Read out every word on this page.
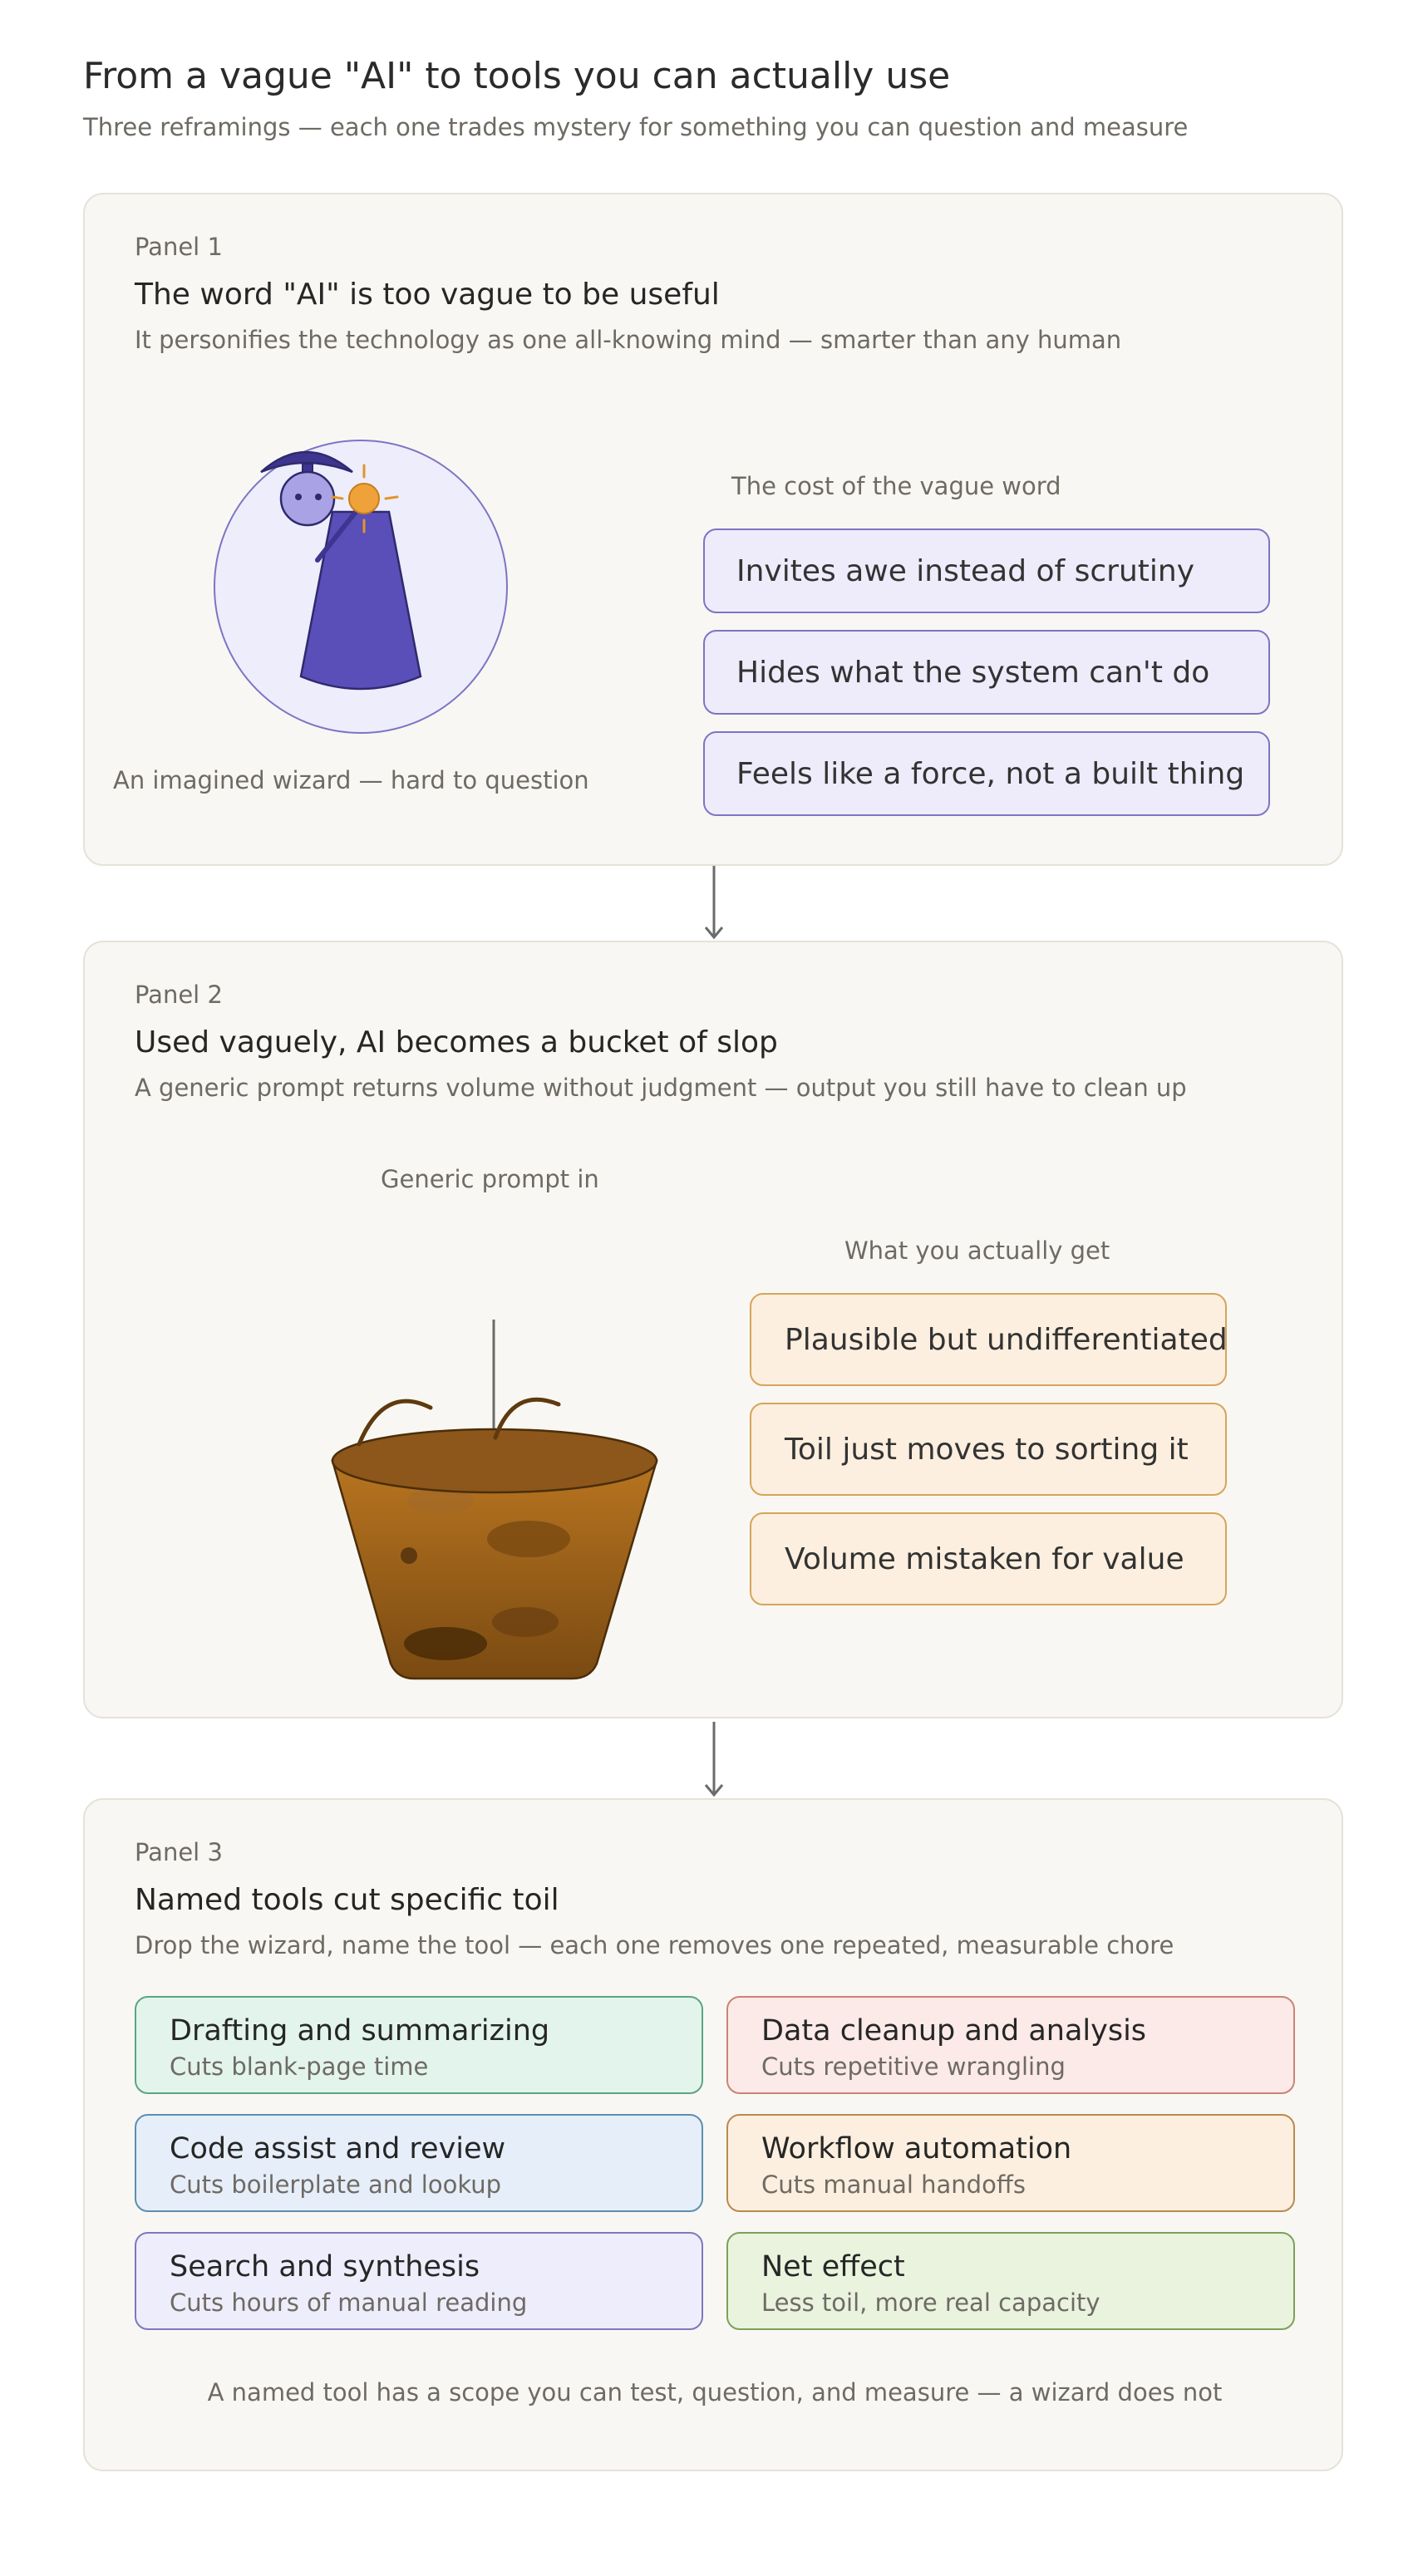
From a vague "AI" to tools you can actually use
Three reframings — each one trades mystery for something you can question and measure
Panel 1
The word "AI" is too vague to be useful
It personifies the technology as one all-knowing mind — smarter than any human
An imagined wizard — hard to question
The cost of the vague word
Invites awe instead of scrutiny
Hides what the system can't do
Feels like a force, not a built thing
Panel 2
Used vaguely, AI becomes a bucket of slop
A generic prompt returns volume without judgment — output you still have to clean up
Generic prompt in
What you actually get
Plausible but undifferentiated
Toil just moves to sorting it
Volume mistaken for value
Panel 3
Named tools cut specific toil
Drop the wizard, name the tool — each one removes one repeated, measurable chore
Drafting and summarizing
Cuts blank-page time
Data cleanup and analysis
Cuts repetitive wrangling
Code assist and review
Cuts boilerplate and lookup
Workflow automation
Cuts manual handoffs
Search and synthesis
Cuts hours of manual reading
Net effect
Less toil, more real capacity
A named tool has a scope you can test, question, and measure — a wizard does not
